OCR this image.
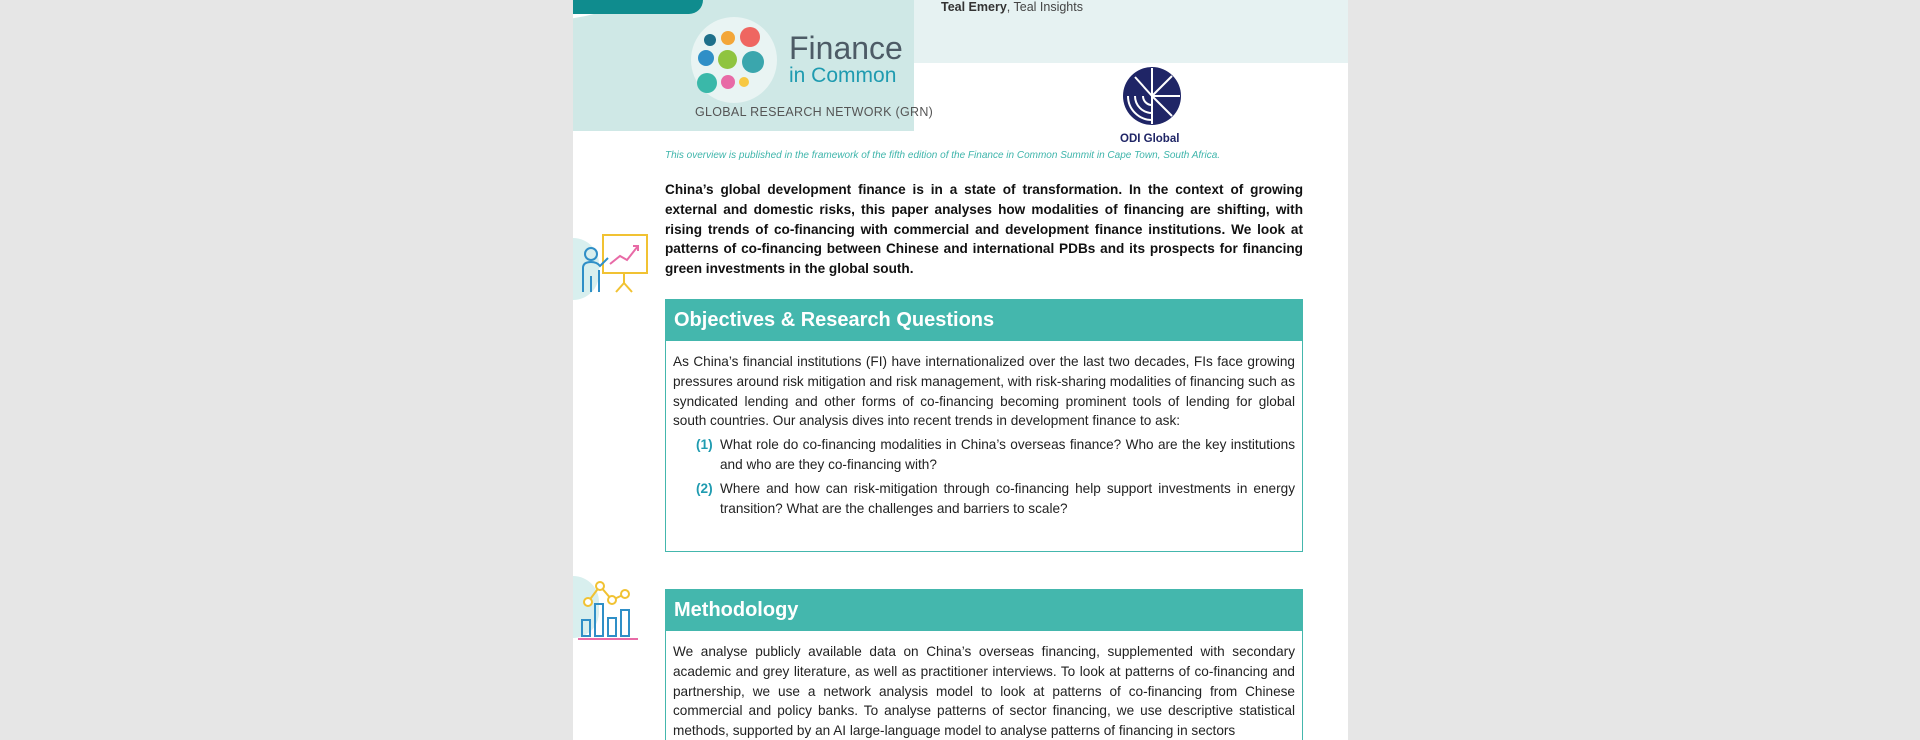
Teal Emery, Teal Insights
Finance
in Common
GLOBAL RESEARCH NETWORK (GRN)
ODI Global
This overview is published in the framework of the fifth edition of the Finance in Common Summit in Cape Town, South Africa.
China’s global development finance is in a state of transformation. In the context of growing external and domestic risks, this paper analyses how modalities of financing are shifting, with rising trends of co-financing with commercial and development finance institutions. We look at patterns of co-financing between Chinese and international PDBs and its prospects for financing green investments in the global south.
Objectives & Research Questions
As China’s financial institutions (FI) have internationalized over the last two decades, FIs face growing pressures around risk mitigation and risk management, with risk-sharing modalities of financing such as syndicated lending and other forms of co-financing becoming prominent tools of lending for global south countries. Our analysis dives into recent trends in development finance to ask:
(1) What role do co-financing modalities in China’s overseas finance? Who are the key institutions and who are they co-financing with?
(2) Where and how can risk-mitigation through co-financing help support investments in energy transition? What are the challenges and barriers to scale?
Methodology
We analyse publicly available data on China’s overseas financing, supplemented with secondary academic and grey literature, as well as practitioner interviews. To look at patterns of co-financing and partnership, we use a network analysis model to look at patterns of co-financing from Chinese commercial and policy banks. To analyse patterns of sector financing, we use descriptive statistical methods, supported by an AI large-language model to analyse patterns of financing in sectors
